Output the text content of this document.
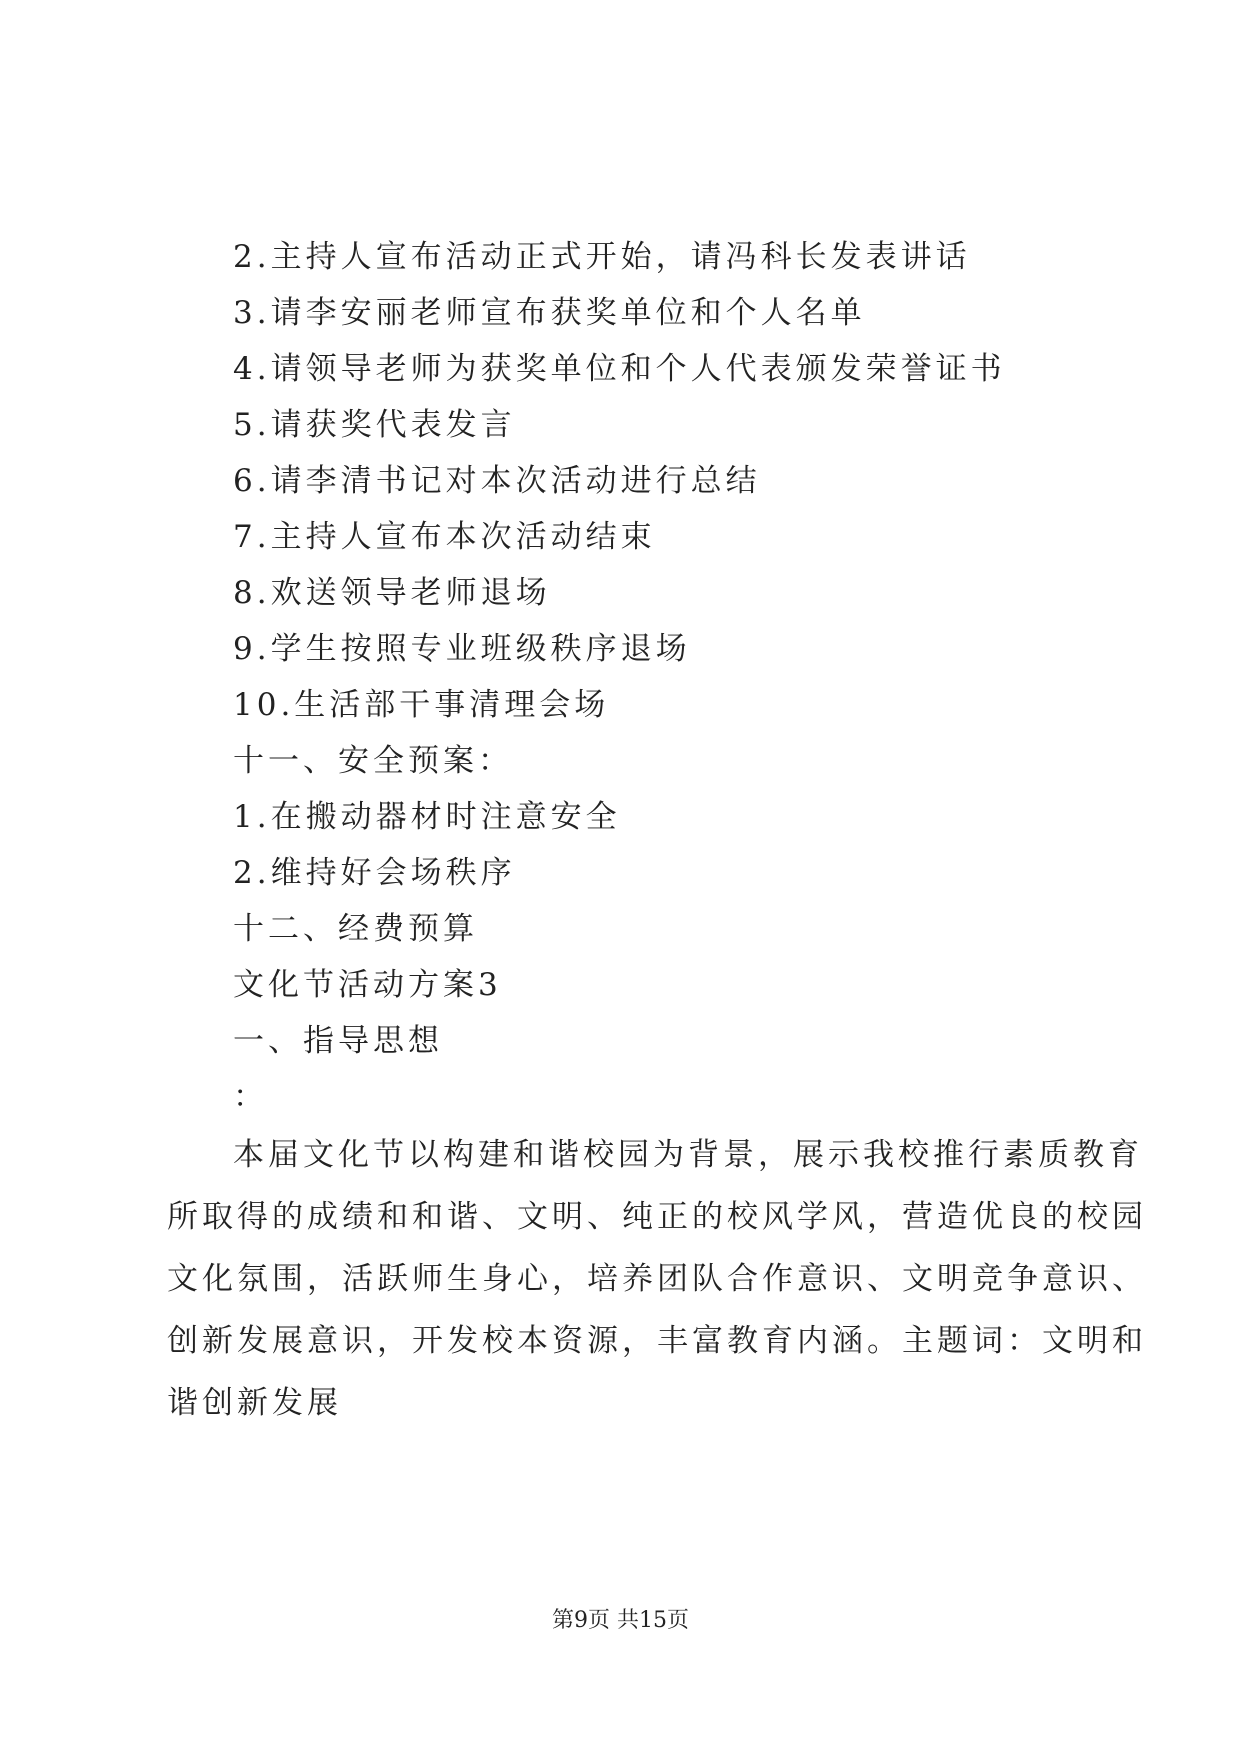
2.主持人宣布活动正式开始，请冯科长发表讲话
3.请李安丽老师宣布获奖单位和个人名单
4.请领导老师为获奖单位和个人代表颁发荣誉证书
5.请获奖代表发言
6.请李清书记对本次活动进行总结
7.主持人宣布本次活动结束
8.欢送领导老师退场
9.学生按照专业班级秩序退场
10.生活部干事清理会场
十一、安全预案：
1.在搬动器材时注意安全
2.维持好会场秩序
十二、经费预算
文化节活动方案3
一、指导思想
：

本届文化节以构建和谐校园为背景，展示我校推行素质教育

所取得的成绩和和谐、文明、纯正的校风学风，营造优良的校园

文化氛围，活跃师生身心，培养团队合作意识、文明竞争意识、

创新发展意识，开发校本资源，丰富教育内涵。主题词：文明和

谐创新发展

第9页 共15页
